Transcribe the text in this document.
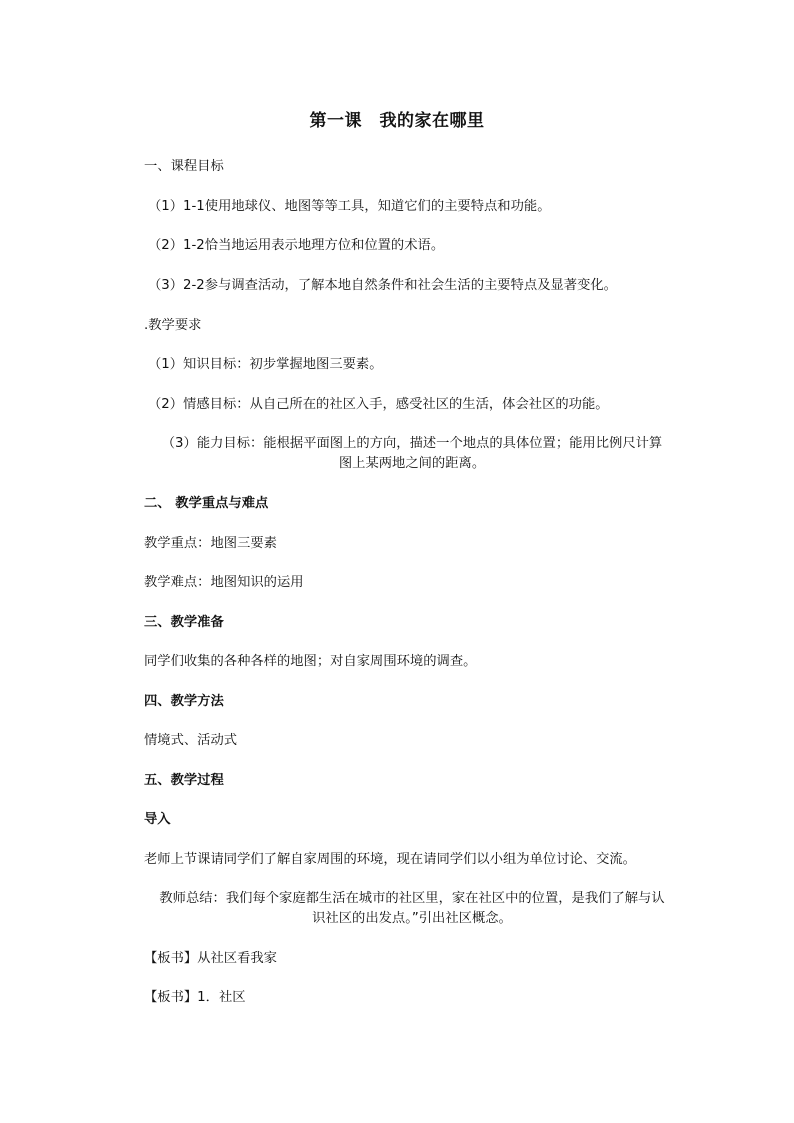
第一课　我的家在哪里
一、课程目标
（1）1-1使用地球仪、地图等等工具，知道它们的主要特点和功能。
（2）1-2恰当地运用表示地理方位和位置的术语。
（3）2-2参与调查活动，了解本地自然条件和社会生活的主要特点及显著变化。
.教学要求
（1）知识目标：初步掌握地图三要素。
（2）情感目标：从自己所在的社区入手，感受社区的生活，体会社区的功能。
（3）能力目标：能根据平面图上的方向，描述一个地点的具体位置；能用比例尺计算
图上某两地之间的距离。
二、 教学重点与难点
教学重点：地图三要素
教学难点：地图知识的运用
三、教学准备
同学们收集的各种各样的地图；对自家周围环境的调查。
四、教学方法
情境式、活动式
五、教学过程
导入
老师上节课请同学们了解自家周围的环境，现在请同学们以小组为单位讨论、交流。
教师总结：我们每个家庭都生活在城市的社区里，家在社区中的位置，是我们了解与认
识社区的出发点。”引出社区概念。
【板书】从社区看我家
【板书】1．社区
